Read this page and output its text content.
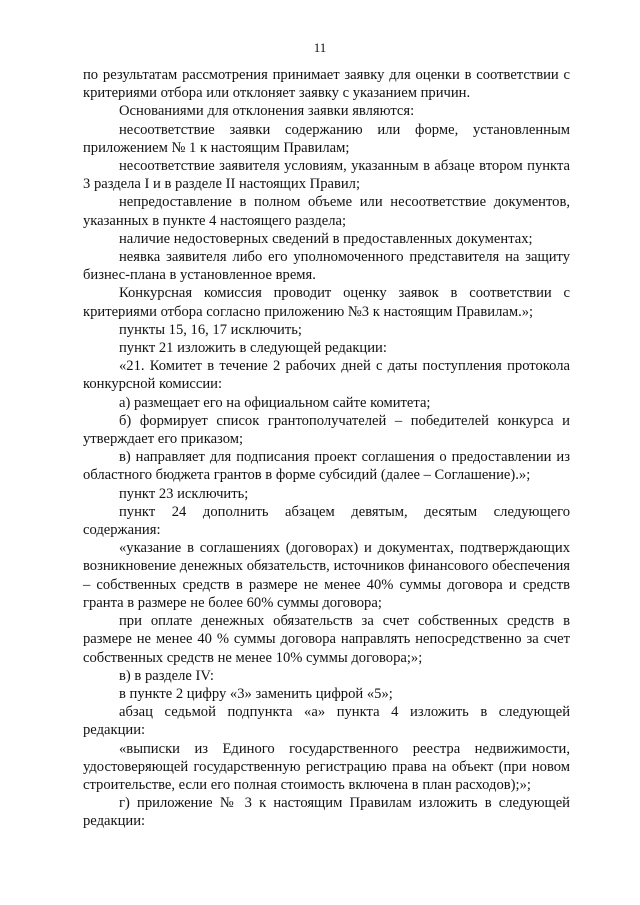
11

по результатам рассмотрения принимает заявку для оценки в соответствии с критериями отбора или отклоняет заявку с указанием причин.

Основаниями для отклонения заявки являются:

несоответствие заявки содержанию или форме, установленным приложением № 1 к настоящим Правилам;

несоответствие заявителя условиям, указанным в абзаце втором пункта 3 раздела I и в разделе II настоящих Правил;

непредоставление в полном объеме или несоответствие документов, указанных в пункте 4 настоящего раздела;

наличие недостоверных сведений в предоставленных документах;

неявка заявителя либо его уполномоченного представителя на защиту бизнес-плана в установленное время.

Конкурсная комиссия проводит оценку заявок в соответствии с критериями отбора согласно приложению №3 к настоящим Правилам.»;

пункты 15, 16, 17 исключить;

пункт 21 изложить в следующей редакции:

«21. Комитет в течение 2 рабочих дней с даты поступления протокола конкурсной комиссии:

а) размещает его на официальном сайте комитета;

б) формирует список грантополучателей – победителей конкурса и утверждает его приказом;

в) направляет для подписания проект соглашения о предоставлении из областного бюджета грантов в форме субсидий (далее – Соглашение).»;

пункт 23 исключить;

пункт 24 дополнить абзацем девятым, десятым следующего содержания:

«указание в соглашениях (договорах) и документах, подтверждающих возникновение денежных обязательств, источников финансового обеспечения – собственных средств в размере не менее 40% суммы договора и средств гранта в размере не более 60% суммы договора;

при оплате денежных обязательств за счет собственных средств в размере не менее 40 % суммы договора направлять непосредственно за счет собственных средств не менее 10% суммы договора;»;

в) в разделе IV:

в пункте 2 цифру «3» заменить цифрой «5»;

абзац седьмой подпункта «а» пункта 4 изложить в следующей редакции:

«выписки из Единого государственного реестра недвижимости, удостоверяющей государственную регистрацию права на объект (при новом строительстве, если его полная стоимость включена в план расходов);»;

г) приложение № 3 к настоящим Правилам изложить в следующей редакции:
